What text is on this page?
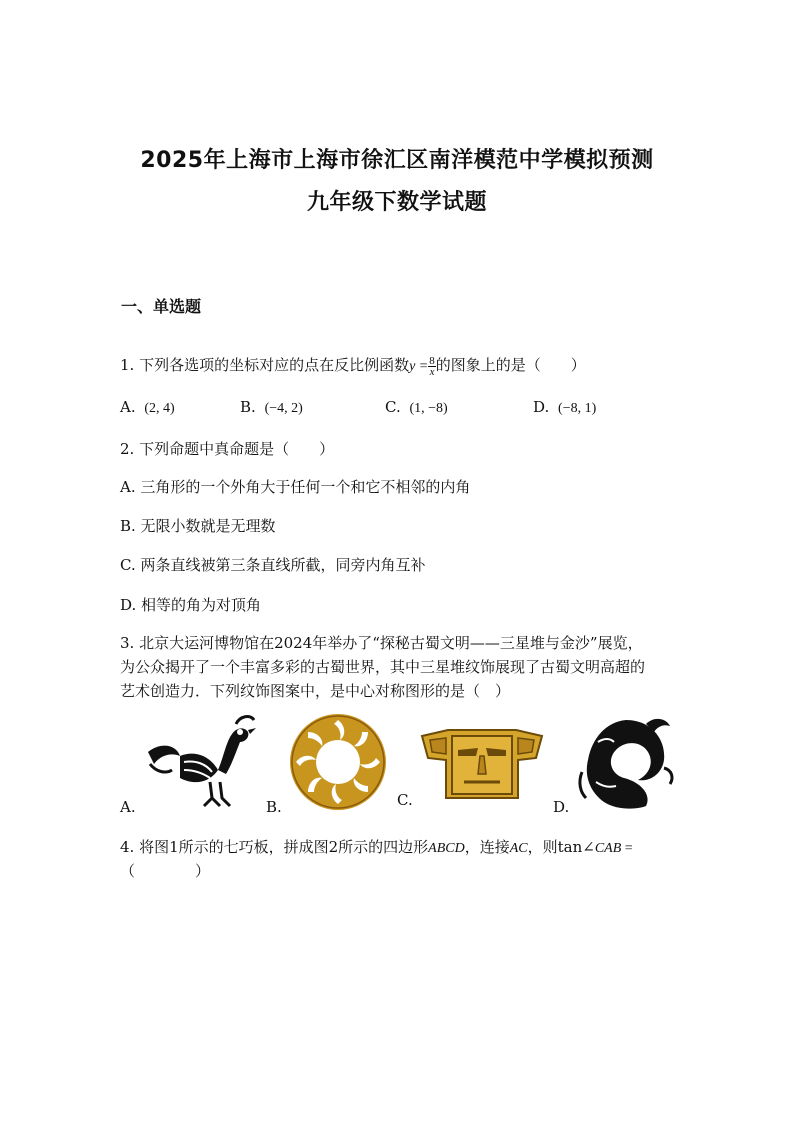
2025年上海市上海市徐汇区南洋模范中学模拟预测
九年级下数学试题
一、单选题
1. 下列各选项的坐标对应的点在反比例函数$y = \frac{8}{x}$ 的图象上的是（　　）
A. (2, 4)	B. (−4, 2)	C. (1, −8)	D. (−8, 1)
2. 下列命题中真命题是（　　）
A. 三角形的一个外角大于任何一个和它不相邻的内角
B. 无限小数就是无理数
C. 两条直线被第三条直线所截，同旁内角互补
D. 相等的角为对顶角
3. 北京大运河博物馆在2024年举办了“探秘古蜀文明——三星堆与金沙”展览，
为公众揭开了一个丰富多彩的古蜀世界，其中三星堆纹饰展现了古蜀文明高超的
艺术创造力．下列纹饰图案中，是中心对称图形的是（　）
A.	B.	C.	D.
4. 将图1所示的七巧板，拼成图2所示的四边形ABCD，连接AC，则tan∠CAB =
（　　　　）
